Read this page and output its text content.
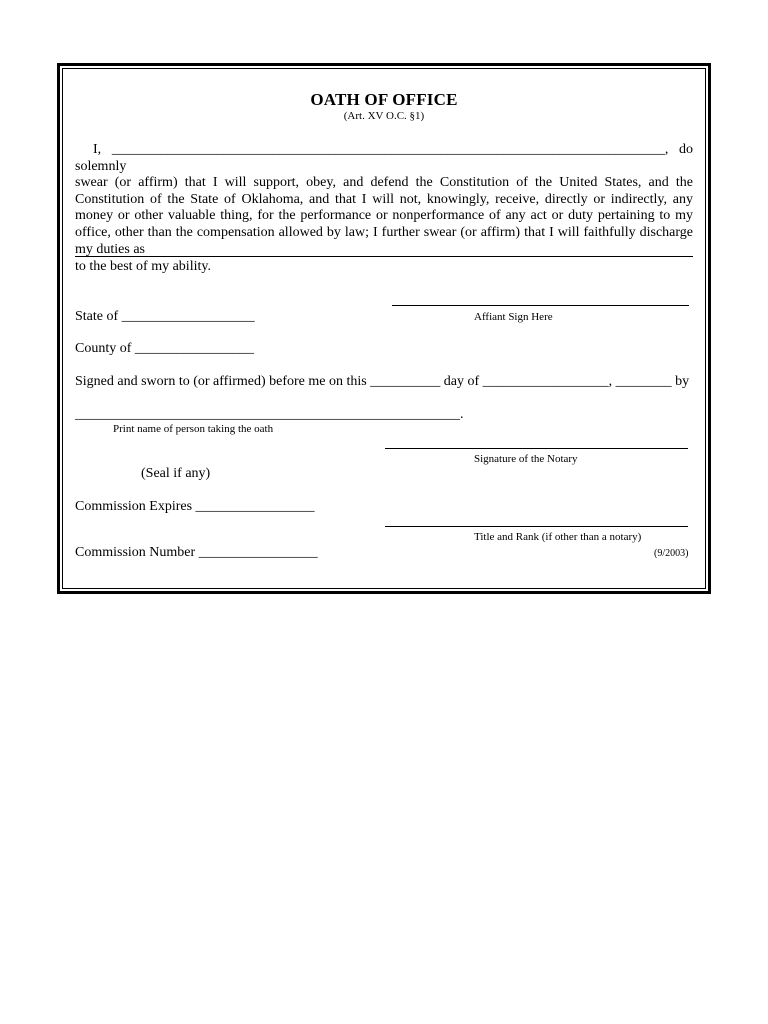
OATH OF OFFICE
(Art. XV O.C. §1)
I, _______________________________________________________________________________, do solemnly
swear (or affirm) that I will support, obey, and defend the Constitution of the United States, and the Constitution of the State of Oklahoma, and that I will not, knowingly, receive, directly or indirectly, any money or other valuable thing, for the performance or nonperformance of any act or duty pertaining to my office, other than the compensation allowed by law; I further swear (or affirm) that I will faithfully discharge my duties as
to the best of my ability.
Affiant Sign Here
State of ___________________
County of _________________
Signed and sworn to (or affirmed) before me on this __________ day of __________________, ________ by
_______________________________________________________.
Print name of person taking the oath
Signature of the Notary
(Seal if any)
Commission Expires _________________
Title and Rank (if other than a notary)
Commission Number _________________	(9/2003)
